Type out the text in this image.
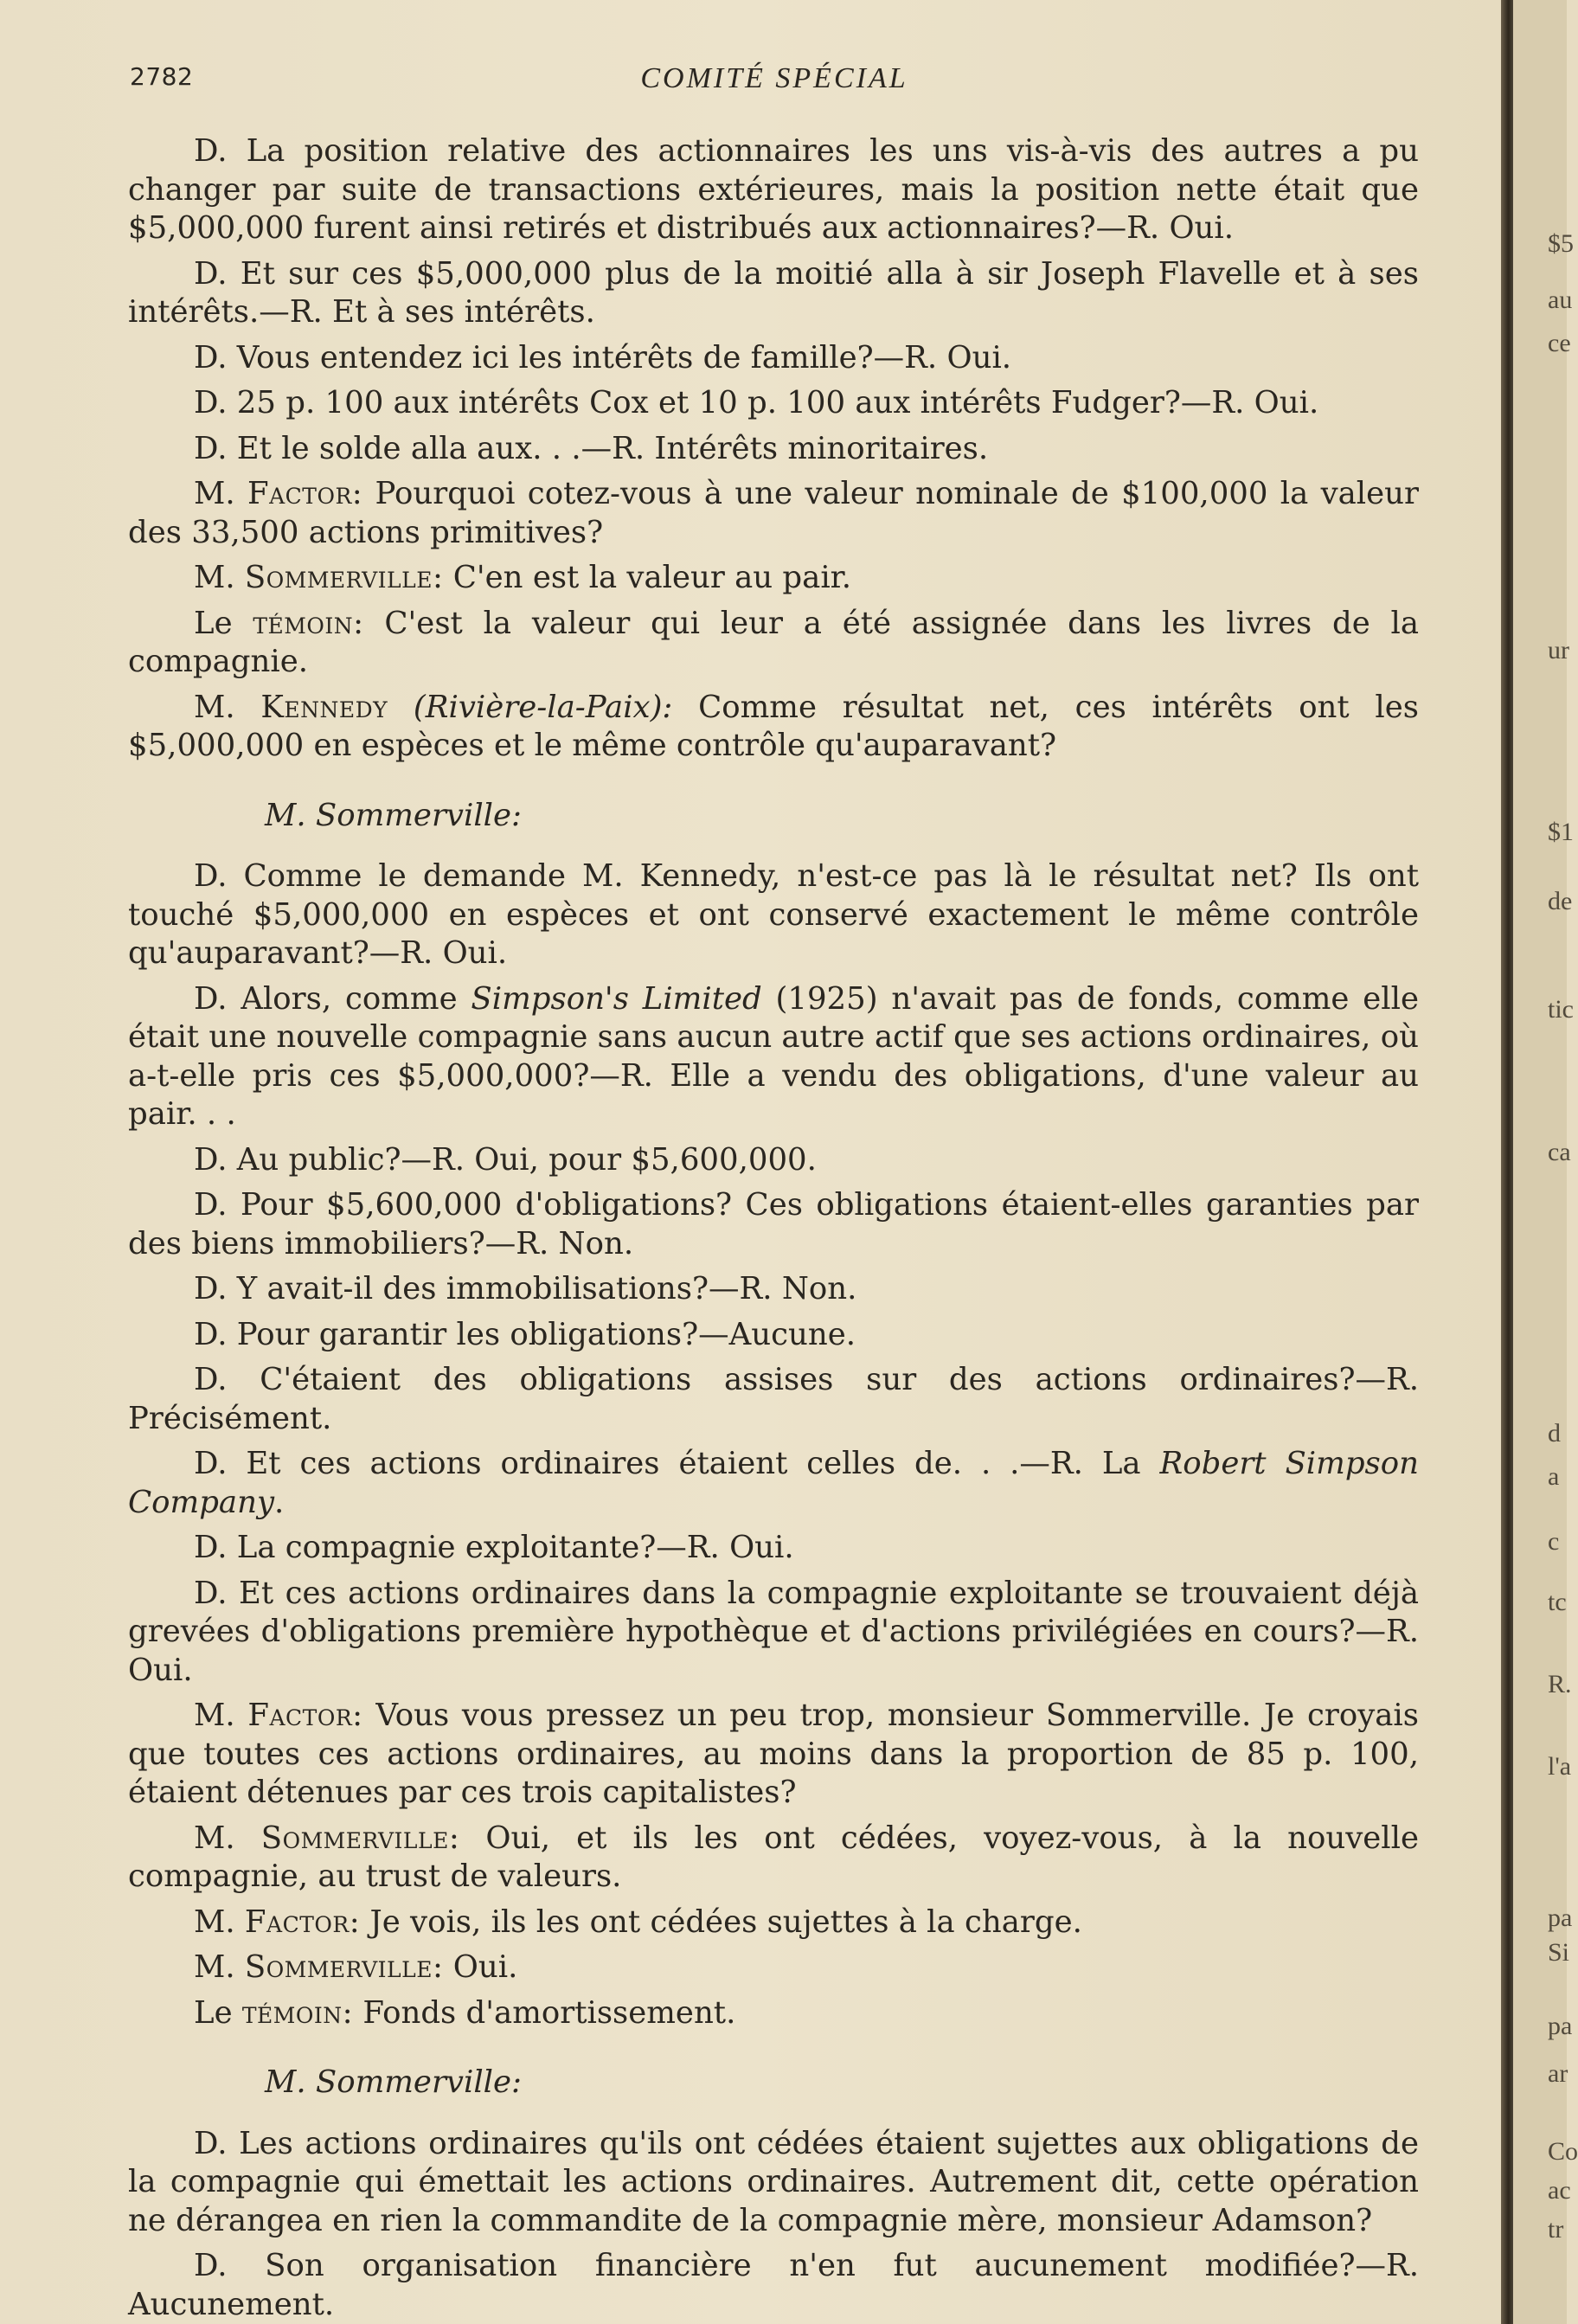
2782	COMITÉ SPÉCIAL

D. La position relative des actionnaires les uns vis-à-vis des autres a pu changer par suite de transactions extérieures, mais la position nette était que $5,000,000 furent ainsi retirés et distribués aux actionnaires?—R. Oui.

D. Et sur ces $5,000,000 plus de la moitié alla à sir Joseph Flavelle et à ses intérêts.—R. Et à ses intérêts.

D. Vous entendez ici les intérêts de famille?—R. Oui.

D. 25 p. 100 aux intérêts Cox et 10 p. 100 aux intérêts Fudger?—R. Oui.

D. Et le solde alla aux. . .—R. Intérêts minoritaires.

M. Factor: Pourquoi cotez-vous à une valeur nominale de $100,000 la valeur des 33,500 actions primitives?

M. Sommerville: C'en est la valeur au pair.

Le témoin: C'est la valeur qui leur a été assignée dans les livres de la compagnie.

M. Kennedy (Rivière-la-Paix): Comme résultat net, ces intérêts ont les $5,000,000 en espèces et le même contrôle qu'auparavant?

M. Sommerville:

D. Comme le demande M. Kennedy, n'est-ce pas là le résultat net? Ils ont touché $5,000,000 en espèces et ont conservé exactement le même contrôle qu'auparavant?—R. Oui.

D. Alors, comme Simpson's Limited (1925) n'avait pas de fonds, comme elle était une nouvelle compagnie sans aucun autre actif que ses actions ordinaires, où a-t-elle pris ces $5,000,000?—R. Elle a vendu des obligations, d'une valeur au pair. . .

D. Au public?—R. Oui, pour $5,600,000.

D. Pour $5,600,000 d'obligations? Ces obligations étaient-elles garanties par des biens immobiliers?—R. Non.

D. Y avait-il des immobilisations?—R. Non.

D. Pour garantir les obligations?—Aucune.

D. C'étaient des obligations assises sur des actions ordinaires?—R. Précisément.

D. Et ces actions ordinaires étaient celles de. . .—R. La Robert Simpson Company.

D. La compagnie exploitante?—R. Oui.

D. Et ces actions ordinaires dans la compagnie exploitante se trouvaient déjà grevées d'obligations première hypothèque et d'actions privilégiées en cours?—R. Oui.

M. Factor: Vous vous pressez un peu trop, monsieur Sommerville. Je croyais que toutes ces actions ordinaires, au moins dans la proportion de 85 p. 100, étaient détenues par ces trois capitalistes?

M. Sommerville: Oui, et ils les ont cédées, voyez-vous, à la nouvelle compagnie, au trust de valeurs.

M. Factor: Je vois, ils les ont cédées sujettes à la charge.

M. Sommerville: Oui.

Le témoin: Fonds d'amortissement.

M. Sommerville:

D. Les actions ordinaires qu'ils ont cédées étaient sujettes aux obligations de la compagnie qui émettait les actions ordinaires. Autrement dit, cette opération ne dérangea en rien la commandite de la compagnie mère, monsieur Adamson?

D. Son organisation financière n'en fut aucunement modifiée?—R. Aucunement.

$5
au
ce
ur
$1
de
tic
ca
d
a
c
tc
R.
l'a
pa
Si
pa
ar
Co
ac
tr
